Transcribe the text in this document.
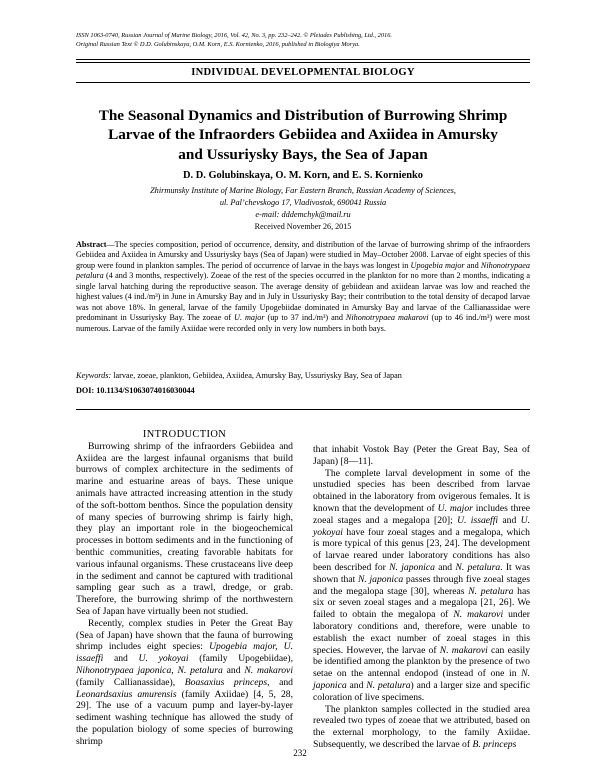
ISSN 1063-0740, Russian Journal of Marine Biology, 2016, Vol. 42, No. 3, pp. 232–242. © Pleiades Publishing, Ltd., 2016.
Original Russian Text © D.D. Golubinskaya, O.M. Korn, E.S. Kornienko, 2016, published in Biologiya Morya.
INDIVIDUAL DEVELOPMENTAL BIOLOGY
The Seasonal Dynamics and Distribution of Burrowing Shrimp
Larvae of the Infraorders Gebiidea and Axiidea in Amursky
and Ussuriysky Bays, the Sea of Japan
D. D. Golubinskaya, O. M. Korn, and E. S. Kornienko
Zhirmunsky Institute of Marine Biology, Far Eastern Branch, Russian Academy of Sciences,
ul. Pal’chevskogo 17, Vladivostok, 690041 Russia
e-mail: dddemchyk@mail.ru
Received November 26, 2015
Abstract—The species composition, period of occurrence, density, and distribution of the larvae of burrowing shrimp of the infraorders Gebiidea and Axiidea in Amursky and Ussuriysky bays (Sea of Japan) were studied in May–October 2008. Larvae of eight species of this group were found in plankton samples. The period of occurrence of larvae in the bays was longest in Upogebia major and Nihonotrypaea petalura (4 and 3 months, respectively). Zoeae of the rest of the species occurred in the plankton for no more than 2 months, indicating a single larval hatching during the reproductive season. The average density of gebiidean and axiidean larvae was low and reached the highest values (4 ind./m³) in June in Amursky Bay and in July in Ussuriysky Bay; their contribution to the total density of decapod larvae was not above 18%. In general, larvae of the family Upogebiidae dominated in Amursky Bay and larvae of the Callianassidae were predominant in Ussuriysky Bay. The zoeae of U. major (up to 37 ind./m³) and Nihonotrypaea makarovi (up to 46 ind./m³) were most numerous. Larvae of the family Axiidae were recorded only in very low numbers in both bays.
Keywords: larvae, zoeae, plankton, Gebiidea, Axiidea, Amursky Bay, Ussuriysky Bay, Sea of Japan
DOI: 10.1134/S1063074016030044

INTRODUCTION

Burrowing shrimp of the infraorders Gebiidea and Axiidea are the largest infaunal organisms that build burrows of complex architecture in the sediments of marine and estuarine areas of bays. These unique animals have attracted increasing attention in the study of the soft-bottom benthos. Since the population density of many species of burrowing shrimp is fairly high, they play an important role in the biogeochemical processes in bottom sediments and in the functioning of benthic communities, creating favorable habitats for various infaunal organisms. These crustaceans live deep in the sediment and cannot be captured with traditional sampling gear such as a trawl, dredge, or grab. Therefore, the burrowing shrimp of the northwestern Sea of Japan have virtually been not studied.

Recently, complex studies in Peter the Great Bay (Sea of Japan) have shown that the fauna of burrowing shrimp includes eight species: Upogebia major, U. issaeffi and U. yokoyai (family Upogebiidae), Nihonotrypaea japonica, N. petalura and N. makarovi (family Callianassidae), Boasaxius princeps, and Leonardsaxius amurensis (family Axiidae) [4, 5, 28, 29]. The use of a vacuum pump and layer-by-layer sediment washing technique has allowed the study of the population biology of some species of burrowing shrimp

that inhabit Vostok Bay (Peter the Great Bay, Sea of Japan) [8—11].

The complete larval development in some of the unstudied species has been described from larvae obtained in the laboratory from ovigerous females. It is known that the development of U. major includes three zoeal stages and a megalopa [20]; U. issaeffi and U. yokoyai have four zoeal stages and a megalopa, which is more typical of this genus [23, 24]. The development of larvae reared under laboratory conditions has also been described for N. japonica and N. petalura. It was shown that N. japonica passes through five zoeal stages and the megalopa stage [30], whereas N. petalura has six or seven zoeal stages and a megalopa [21, 26]. We failed to obtain the megalopa of N. makarovi under laboratory conditions and, therefore, were unable to establish the exact number of zoeal stages in this species. However, the larvae of N. makarovi can easily be identified among the plankton by the presence of two setae on the antennal endopod (instead of one in N. japonica and N. petalura) and a larger size and specific coloration of live specimens.

The plankton samples collected in the studied area revealed two types of zoeae that we attributed, based on the external morphology, to the family Axiidae. Subsequently, we described the larvae of B. princeps

232
